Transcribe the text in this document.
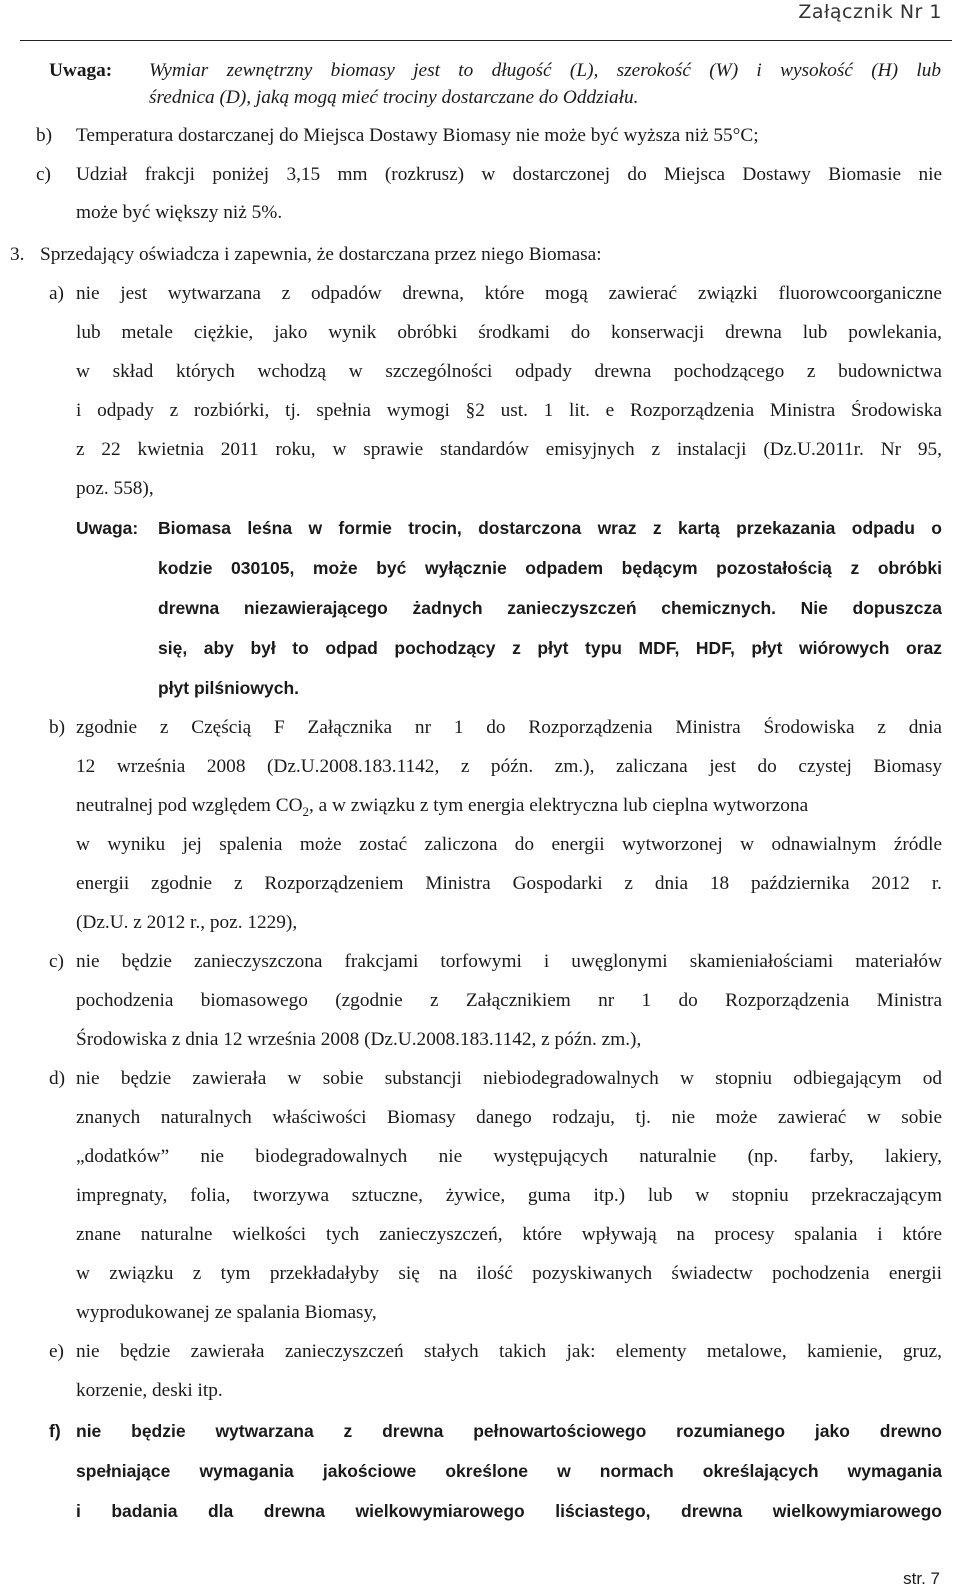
Załącznik Nr 1
Uwaga: Wymiar zewnętrzny biomasy jest to długość (L), szerokość (W) i wysokość (H) lub
średnica (D), jaką mogą mieć trociny dostarczane do Oddziału.
b) Temperatura dostarczanej do Miejsca Dostawy Biomasy nie może być wyższa niż 55°C;
c) Udział frakcji poniżej 3,15 mm (rozkrusz) w dostarczonej do Miejsca Dostawy Biomasie nie
może być większy niż 5%.
3. Sprzedający oświadcza i zapewnia, że dostarczana przez niego Biomasa:
a) nie jest wytwarzana z odpadów drewna, które mogą zawierać związki fluorowcoorganiczne
lub metale ciężkie, jako wynik obróbki środkami do konserwacji drewna lub powlekania,
w skład których wchodzą w szczególności odpady drewna pochodzącego z budownictwa
i odpady z rozbiórki, tj. spełnia wymogi §2 ust. 1 lit. e Rozporządzenia Ministra Środowiska
z 22 kwietnia 2011 roku, w sprawie standardów emisyjnych z instalacji (Dz.U.2011r. Nr 95,
poz. 558),
Uwaga: Biomasa leśna w formie trocin, dostarczona wraz z kartą przekazania odpadu o
kodzie 030105, może być wyłącznie odpadem będącym pozostałością z obróbki
drewna niezawierającego żadnych zanieczyszczeń chemicznych. Nie dopuszcza
się, aby był to odpad pochodzący z płyt typu MDF, HDF, płyt wiórowych oraz
płyt pilśniowych.
b) zgodnie z Częścią F Załącznika nr 1 do Rozporządzenia Ministra Środowiska z dnia
12 września 2008 (Dz.U.2008.183.1142, z późn. zm.), zaliczana jest do czystej Biomasy
neutralnej pod względem $CO_2$, a w związku z tym energia elektryczna lub cieplna wytworzona
w wyniku jej spalenia może zostać zaliczona do energii wytworzonej w odnawialnym źródle
energii zgodnie z Rozporządzeniem Ministra Gospodarki z dnia 18 października 2012 r.
(Dz.U. z 2012 r., poz. 1229),
c) nie będzie zanieczyszczona frakcjami torfowymi i uwęglonymi skamieniałościami materiałów
pochodzenia biomasowego (zgodnie z Załącznikiem nr 1 do Rozporządzenia Ministra
Środowiska z dnia 12 września 2008 (Dz.U.2008.183.1142, z późn. zm.),
d) nie będzie zawierała w sobie substancji niebiodegradowalnych w stopniu odbiegającym od
znanych naturalnych właściwości Biomasy danego rodzaju, tj. nie może zawierać w sobie
„dodatków” nie biodegradowalnych nie występujących naturalnie (np. farby, lakiery,
impregnaty, folia, tworzywa sztuczne, żywice, guma itp.) lub w stopniu przekraczającym
znane naturalne wielkości tych zanieczyszczeń, które wpływają na procesy spalania i które
w związku z tym przekładałyby się na ilość pozyskiwanych świadectw pochodzenia energii
wyprodukowanej ze spalania Biomasy,
e) nie będzie zawierała zanieczyszczeń stałych takich jak: elementy metalowe, kamienie, gruz,
korzenie, deski itp.
f) nie będzie wytwarzana z drewna pełnowartościowego rozumianego jako drewno
spełniające wymagania jakościowe określone w normach określających wymagania
i badania dla drewna wielkowymiarowego liściastego, drewna wielkowymiarowego
str. 7
